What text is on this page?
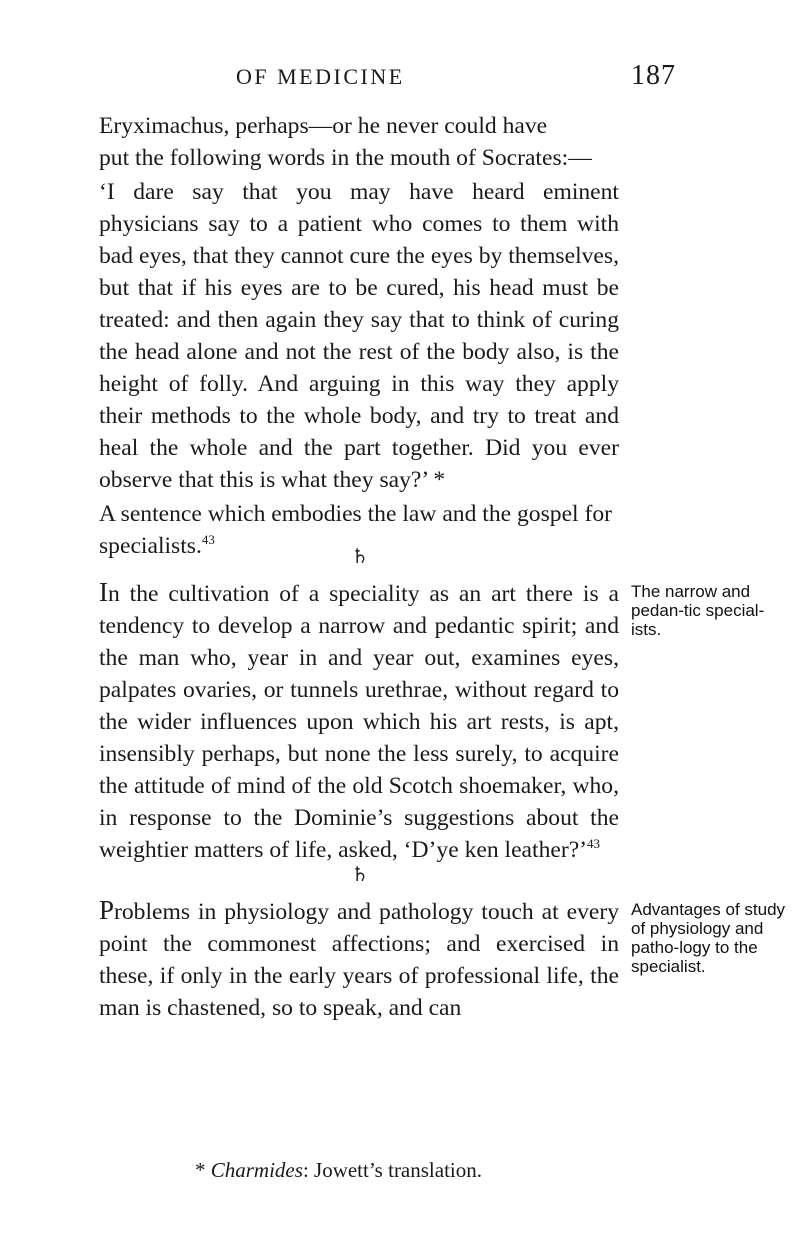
OF MEDICINE	187

Eryximachus, perhaps—or he never could have
put the following words in the mouth of Socrates:—

‘I dare say that you may have heard eminent physicians say to a patient who comes to them with bad eyes, that they cannot cure the eyes by themselves, but that if his eyes are to be cured, his head must be treated: and then again they say that to think of curing the head alone and not the rest of the body also, is the height of folly. And arguing in this way they apply their methods to the whole body, and try to treat and heal the whole and the part together. Did you ever observe that this is what they say?’ *

A sentence which embodies the law and the gospel for specialists.$^{43}$

♄

In the cultivation of a speciality as an art there is a tendency to develop a narrow and pedantic spirit; and the man who, year in and year out, examines eyes, palpates ovaries, or tunnels urethrae, without regard to the wider influences upon which his art rests, is apt, insensibly perhaps, but none the less surely, to acquire the attitude of mind of the old Scotch shoemaker, who, in response to the Dominie’s suggestions about the weightier matters of life, asked, ‘D’ye ken leather?’$^{43}$

The narrow and pedan-tic special-ists.
♄

Problems in physiology and pathology touch at every point the commonest affections; and exercised in these, if only in the early years of professional life, the man is chastened, so to speak, and can

Advantages of study of physiology and patho-logy to the specialist.
* Charmides: Jowett’s translation.
